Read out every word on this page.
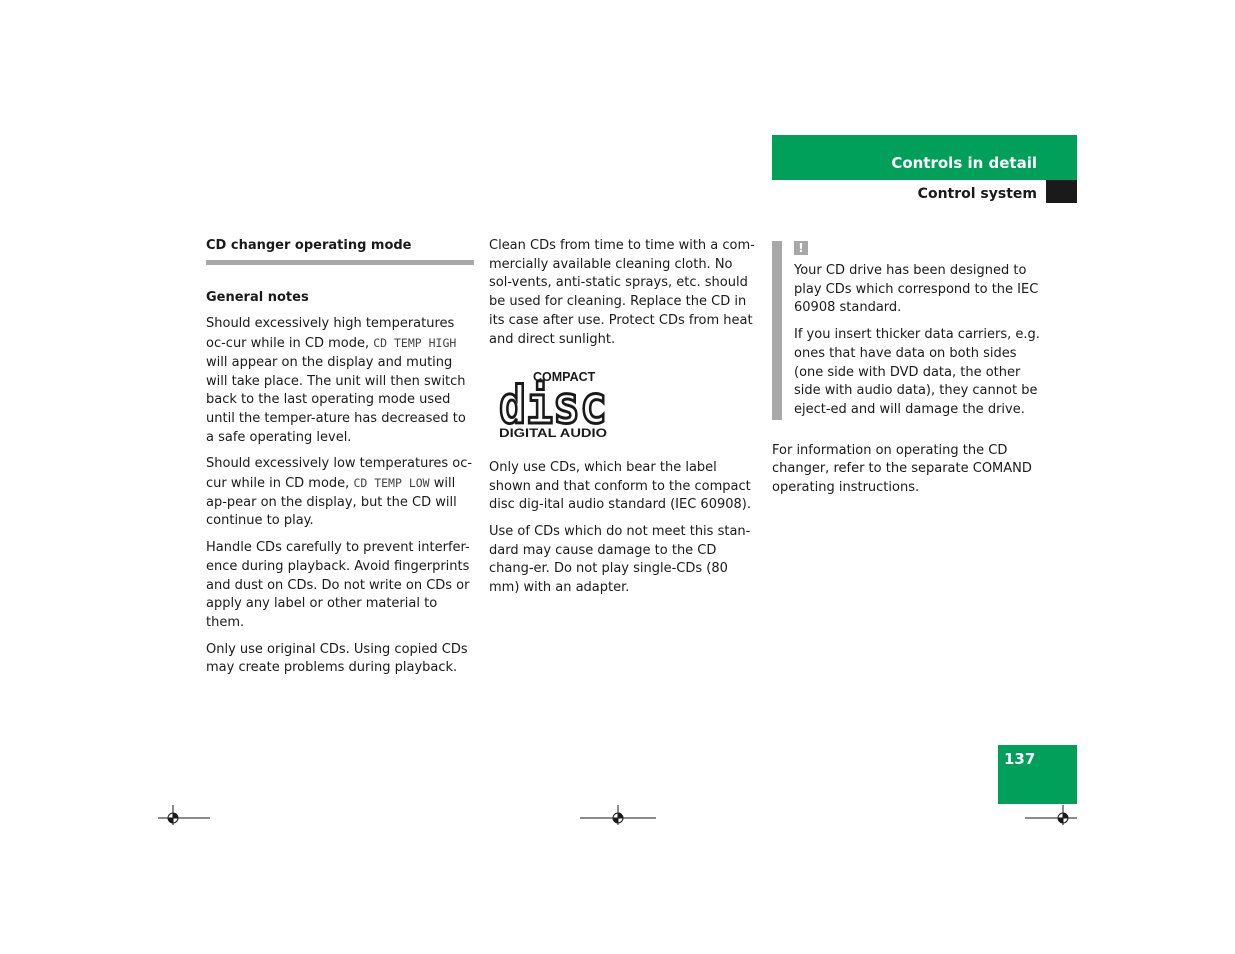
Controls in detail
Control system
CD changer operating mode
General notes

Should excessively high temperatures oc-cur while in CD mode, CD TEMP HIGH will appear on the display and muting will take place. The unit will then switch back to the last operating mode used until the temper-ature has decreased to a safe operating level.

Should excessively low temperatures oc-cur while in CD mode, CD TEMP LOW will ap-pear on the display, but the CD will continue to play.

Handle CDs carefully to prevent interfer-ence during playback. Avoid fingerprints and dust on CDs. Do not write on CDs or apply any label or other material to them.

Only use original CDs. Using copied CDs may create problems during playback.

Clean CDs from time to time with a com-mercially available cleaning cloth. No sol-vents, anti-static sprays, etc. should be used for cleaning. Replace the CD in its case after use. Protect CDs from heat and direct sunlight.

COMPACT
disc
DIGITAL AUDIO

Only use CDs, which bear the label shown and that conform to the compact disc dig-ital audio standard (IEC 60908).

Use of CDs which do not meet this stan-dard may cause damage to the CD chang-er. Do not play single-CDs (80 mm) with an adapter.

!

Your CD drive has been designed to play CDs which correspond to the IEC 60908 standard.

If you insert thicker data carriers, e.g. ones that have data on both sides (one side with DVD data, the other side with audio data), they cannot be eject-ed and will damage the drive.

For information on operating the CD changer, refer to the separate COMAND operating instructions.

137
